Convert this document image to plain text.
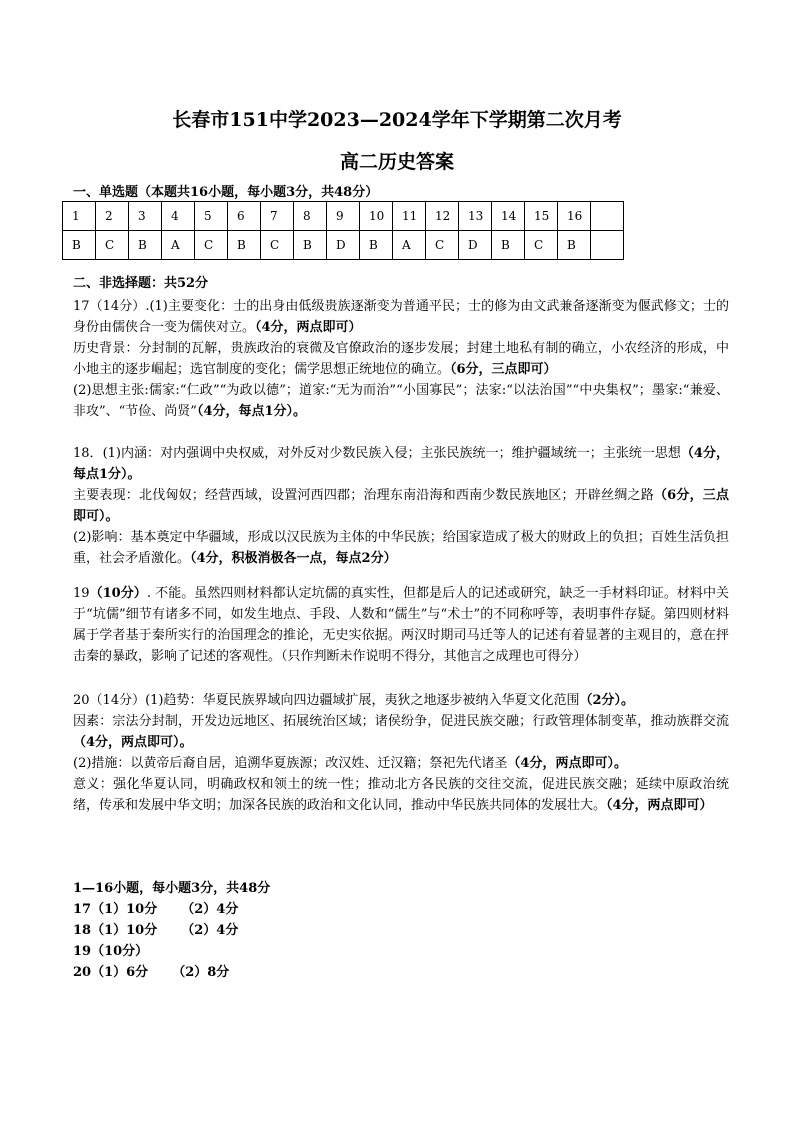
长春市151中学2023—2024学年下学期第二次月考
高二历史答案
一、单选题（本题共16小题，每小题3分，共48分）
1	2	3	4	5	6	7	8	9	10	11	12	13	14	15	16	
B	C	B	A	C	B	C	B	D	B	A	C	D	B	C	B	
二、非选择题：共52分
17（14分）.(1)主要变化：士的出身由低级贵族逐渐变为普通平民；士的修为由文武兼备逐渐变为偃武修文；士的身份由儒侠合一变为儒侠对立。（4分，两点即可）
历史背景：分封制的瓦解，贵族政治的衰微及官僚政治的逐步发展；封建土地私有制的确立，小农经济的形成，中小地主的逐步崛起；选官制度的变化；儒学思想正统地位的确立。（6分，三点即可）
(2)思想主张:儒家:“仁政”“为政以德”；道家:“无为而治”“小国寡民”；法家:“以法治国”“中央集权”；墨家:“兼爱、非攻”、“节俭、尚贤”（4分，每点1分）。
18．(1)内涵：对内强调中央权威，对外反对少数民族入侵；主张民族统一；维护疆域统一；主张统一思想（4分，每点1分）。
主要表现：北伐匈奴；经营西域，设置河西四郡；治理东南沿海和西南少数民族地区；开辟丝绸之路（6分，三点即可）。
(2)影响：基本奠定中华疆域，形成以汉民族为主体的中华民族；给国家造成了极大的财政上的负担；百姓生活负担重，社会矛盾激化。（4分，积极消极各一点，每点2分）
19（10分）. 不能。虽然四则材料都认定坑儒的真实性，但都是后人的记述或研究，缺乏一手材料印证。材料中关于“坑儒”细节有诸多不同，如发生地点、手段、人数和“儒生”与“术士”的不同称呼等，表明事件存疑。第四则材料属于学者基于秦所实行的治国理念的推论，无史实依据。两汉时期司马迁等人的记述有着显著的主观目的，意在抨击秦的暴政，影响了记述的客观性。（只作判断未作说明不得分，其他言之成理也可得分）
20（14分）(1)趋势：华夏民族界域向四边疆域扩展，夷狄之地逐步被纳入华夏文化范围（2分）。
因素：宗法分封制，开发边远地区、拓展统治区域；诸侯纷争，促进民族交融；行政管理体制变革，推动族群交流（4分，两点即可）。
(2)措施：以黄帝后裔自居，追溯华夏族源；改汉姓、迁汉籍；祭祀先代诸圣（4分，两点即可）。
意义：强化华夏认同，明确政权和领土的统一性；推动北方各民族的交往交流，促进民族交融；延续中原政治统绪，传承和发展中华文明；加深各民族的政治和文化认同，推动中华民族共同体的发展壮大。（4分，两点即可）
1—16小题，每小题3分，共48分
17（1）10分 （2）4分
18（1）10分 （2）4分
19（10分）
20（1）6分 （2）8分
